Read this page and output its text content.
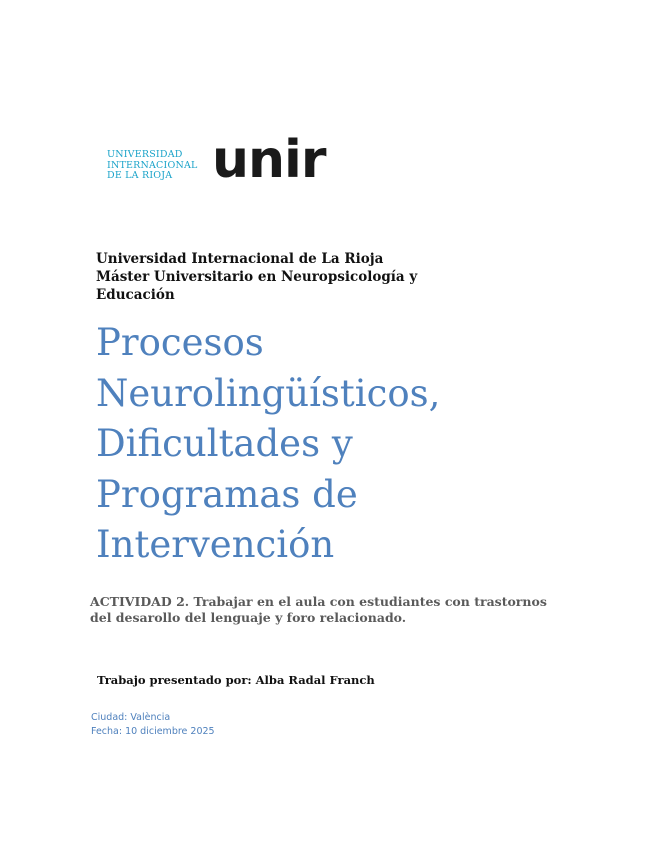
UNIVERSIDAD
INTERNACIONAL
DE LA RIOJA unir
Universidad Internacional de La Rioja
Máster Universitario en Neuropsicología y
Educación
Procesos
Neurolingüísticos,
Dificultades y
Programas de
Intervención
ACTIVIDAD 2. Trabajar en el aula con estudiantes con trastornos del desarollo del lenguaje y foro relacionado.
Trabajo presentado por: Alba Radal Franch
Ciudad: València
Fecha: 10 diciembre 2025
